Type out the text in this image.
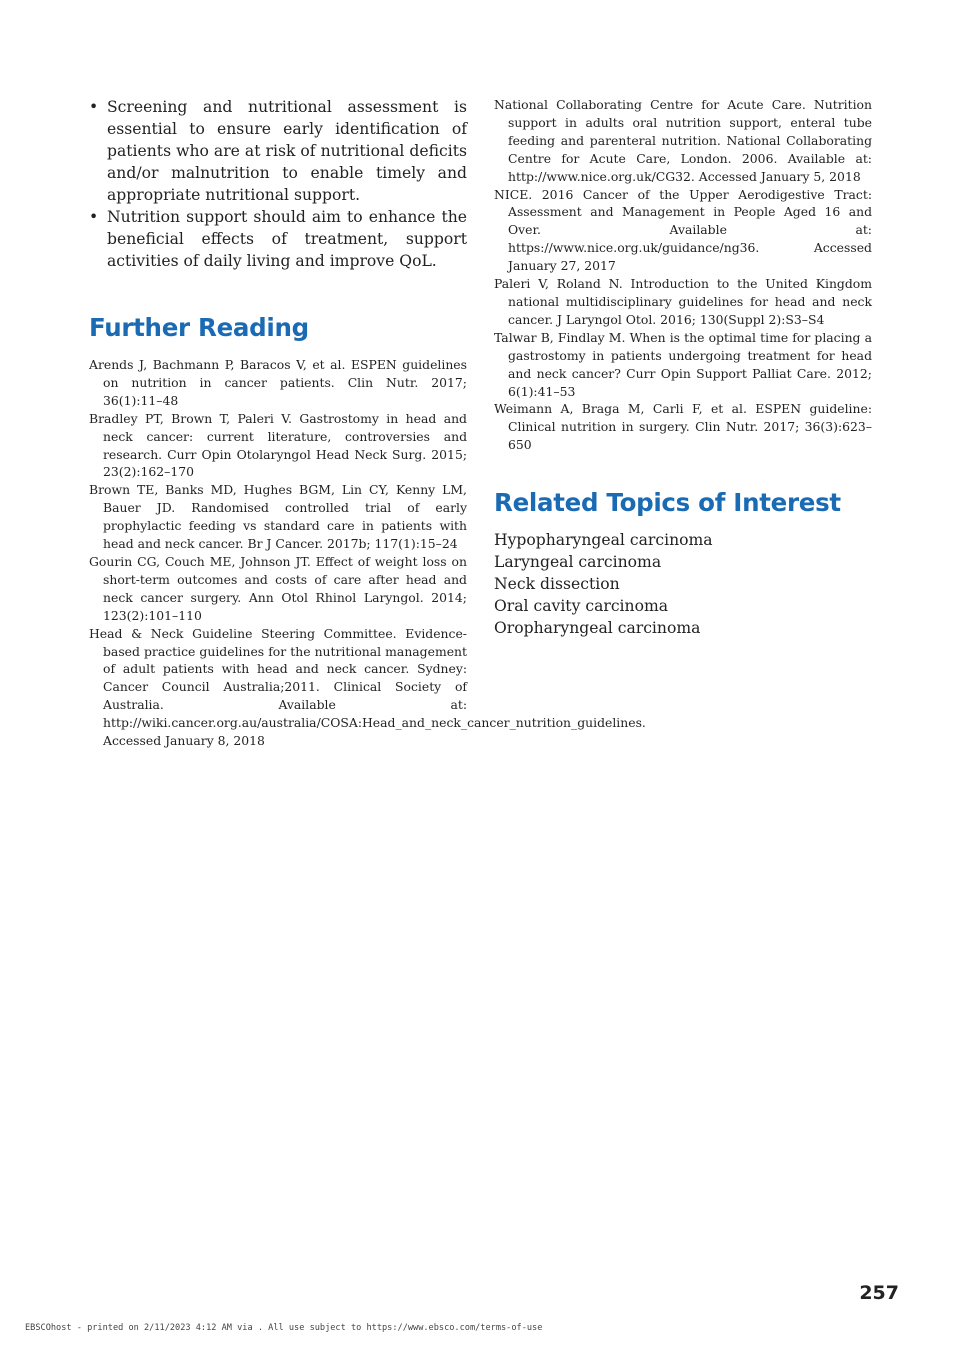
• Screening and nutritional assessment is essential to ensure early identification of patients who are at risk of nutritional deficits and/or malnutrition to enable timely and appropriate nutritional support.
• Nutrition support should aim to enhance the beneficial effects of treatment, support activities of daily living and improve QoL.
Further Reading

Arends J, Bachmann P, Baracos V, et al. ESPEN guidelines on nutrition in cancer patients. Clin Nutr. 2017; 36(1):11–48

Bradley PT, Brown T, Paleri V. Gastrostomy in head and neck cancer: current literature, controversies and research. Curr Opin Otolaryngol Head Neck Surg. 2015; 23(2):162–170

Brown TE, Banks MD, Hughes BGM, Lin CY, Kenny LM, Bauer JD. Randomised controlled trial of early prophylactic feeding vs standard care in patients with head and neck cancer. Br J Cancer. 2017b; 117(1):15–24

Gourin CG, Couch ME, Johnson JT. Effect of weight loss on short-term outcomes and costs of care after head and neck cancer surgery. Ann Otol Rhinol Laryngol. 2014; 123(2):101–110

Head & Neck Guideline Steering Committee. Evidence-based practice guidelines for the nutritional management of adult patients with head and neck cancer. Sydney: Cancer Council Australia;2011. Clinical Society of Australia. Available at: http://wiki.cancer.org.au/australia/COSA:Head_and_neck_cancer_nutrition_guidelines. Accessed January 8, 2018

National Collaborating Centre for Acute Care. Nutrition support in adults oral nutrition support, enteral tube feeding and parenteral nutrition. National Collaborating Centre for Acute Care, London. 2006. Available at: http://www.nice.org.uk/CG32. Accessed January 5, 2018

NICE. 2016 Cancer of the Upper Aerodigestive Tract: Assessment and Management in People Aged 16 and Over. Available at: https://www.nice.org.uk/guidance/ng36. Accessed January 27, 2017

Paleri V, Roland N. Introduction to the United Kingdom national multidisciplinary guidelines for head and neck cancer. J Laryngol Otol. 2016; 130(Suppl 2):S3–S4

Talwar B, Findlay M. When is the optimal time for placing a gastrostomy in patients undergoing treatment for head and neck cancer? Curr Opin Support Palliat Care. 2012; 6(1):41–53

Weimann A, Braga M, Carli F, et al. ESPEN guideline: Clinical nutrition in surgery. Clin Nutr. 2017; 36(3):623–650

Related Topics of Interest

Hypopharyngeal carcinoma

Laryngeal carcinoma

Neck dissection

Oral cavity carcinoma

Oropharyngeal carcinoma

257
EBSCOhost - printed on 2/11/2023 4:12 AM via . All use subject to https://www.ebsco.com/terms-of-use
